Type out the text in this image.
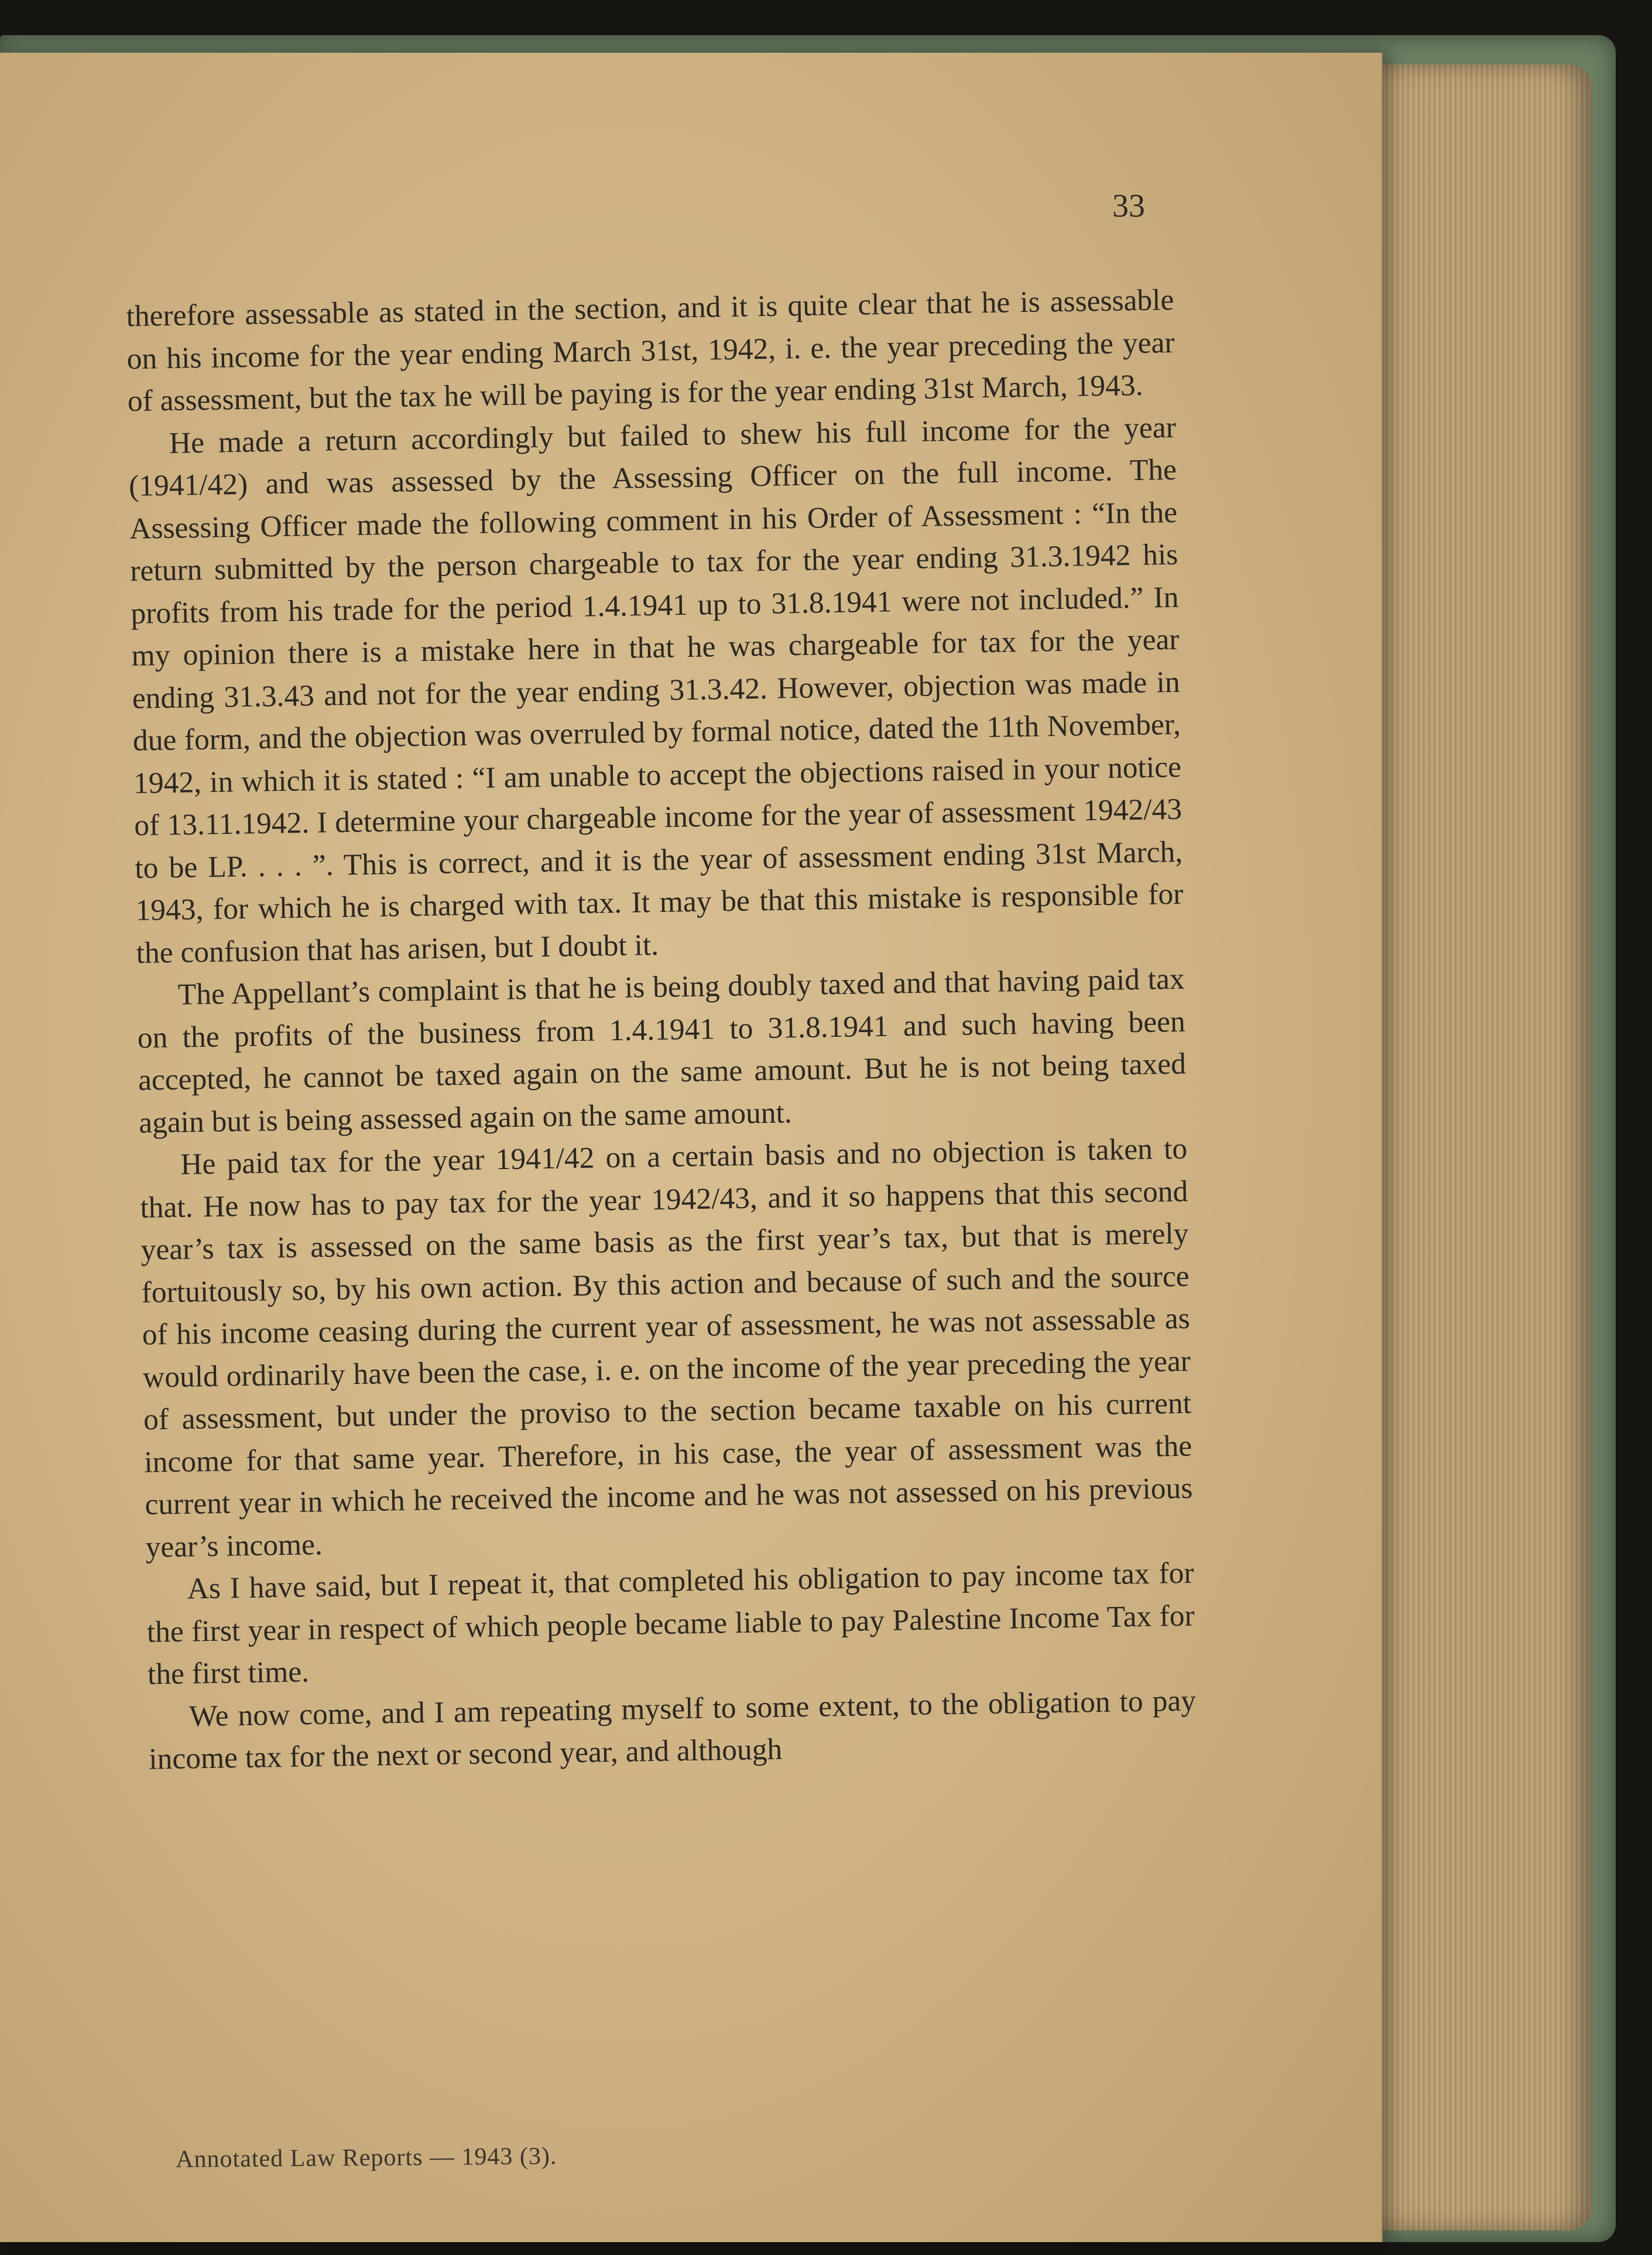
33

therefore assessable as stated in the section, and it is quite clear that he is assessable on his income for the year ending March 31st, 1942, i. e. the year preceding the year of assessment, but the tax he will be paying is for the year ending 31st March, 1943.

He made a return accordingly but failed to shew his full income for the year (1941/42) and was assessed by the Assessing Officer on the full income. The Assessing Officer made the following comment in his Order of Assessment : “In the return submitted by the person chargeable to tax for the year ending 31.3.1942 his profits from his trade for the period 1.4.1941 up to 31.8.1941 were not included.” In my opinion there is a mistake here in that he was chargeable for tax for the year ending 31.3.43 and not for the year ending 31.3.42. However, objection was made in due form, and the objection was overruled by formal notice, dated the 11th November, 1942, in which it is stated : “I am unable to accept the objections raised in your notice of 13.11.1942. I determine your chargeable income for the year of assessment 1942/43 to be LP. . . . ”. This is correct, and it is the year of assessment ending 31st March, 1943, for which he is charged with tax. It may be that this mistake is responsible for the confusion that has arisen, but I doubt it.

The Appellant’s complaint is that he is being doubly taxed and that having paid tax on the profits of the business from 1.4.1941 to 31.8.1941 and such having been accepted, he cannot be taxed again on the same amount. But he is not being taxed again but is being assessed again on the same amount.

He paid tax for the year 1941/42 on a certain basis and no objection is taken to that. He now has to pay tax for the year 1942/43, and it so happens that this second year’s tax is assessed on the same basis as the first year’s tax, but that is merely fortuitously so, by his own action. By this action and because of such and the source of his income ceasing during the current year of assessment, he was not assessable as would ordinarily have been the case, i. e. on the income of the year preceding the year of assessment, but under the proviso to the section became taxable on his current income for that same year. Therefore, in his case, the year of assessment was the current year in which he received the income and he was not assessed on his previous year’s income.

As I have said, but I repeat it, that completed his obligation to pay income tax for the first year in respect of which people became liable to pay Palestine Income Tax for the first time.

We now come, and I am repeating myself to some extent, to the obligation to pay income tax for the next or second year, and although

Annotated Law Reports — 1943 (3).
